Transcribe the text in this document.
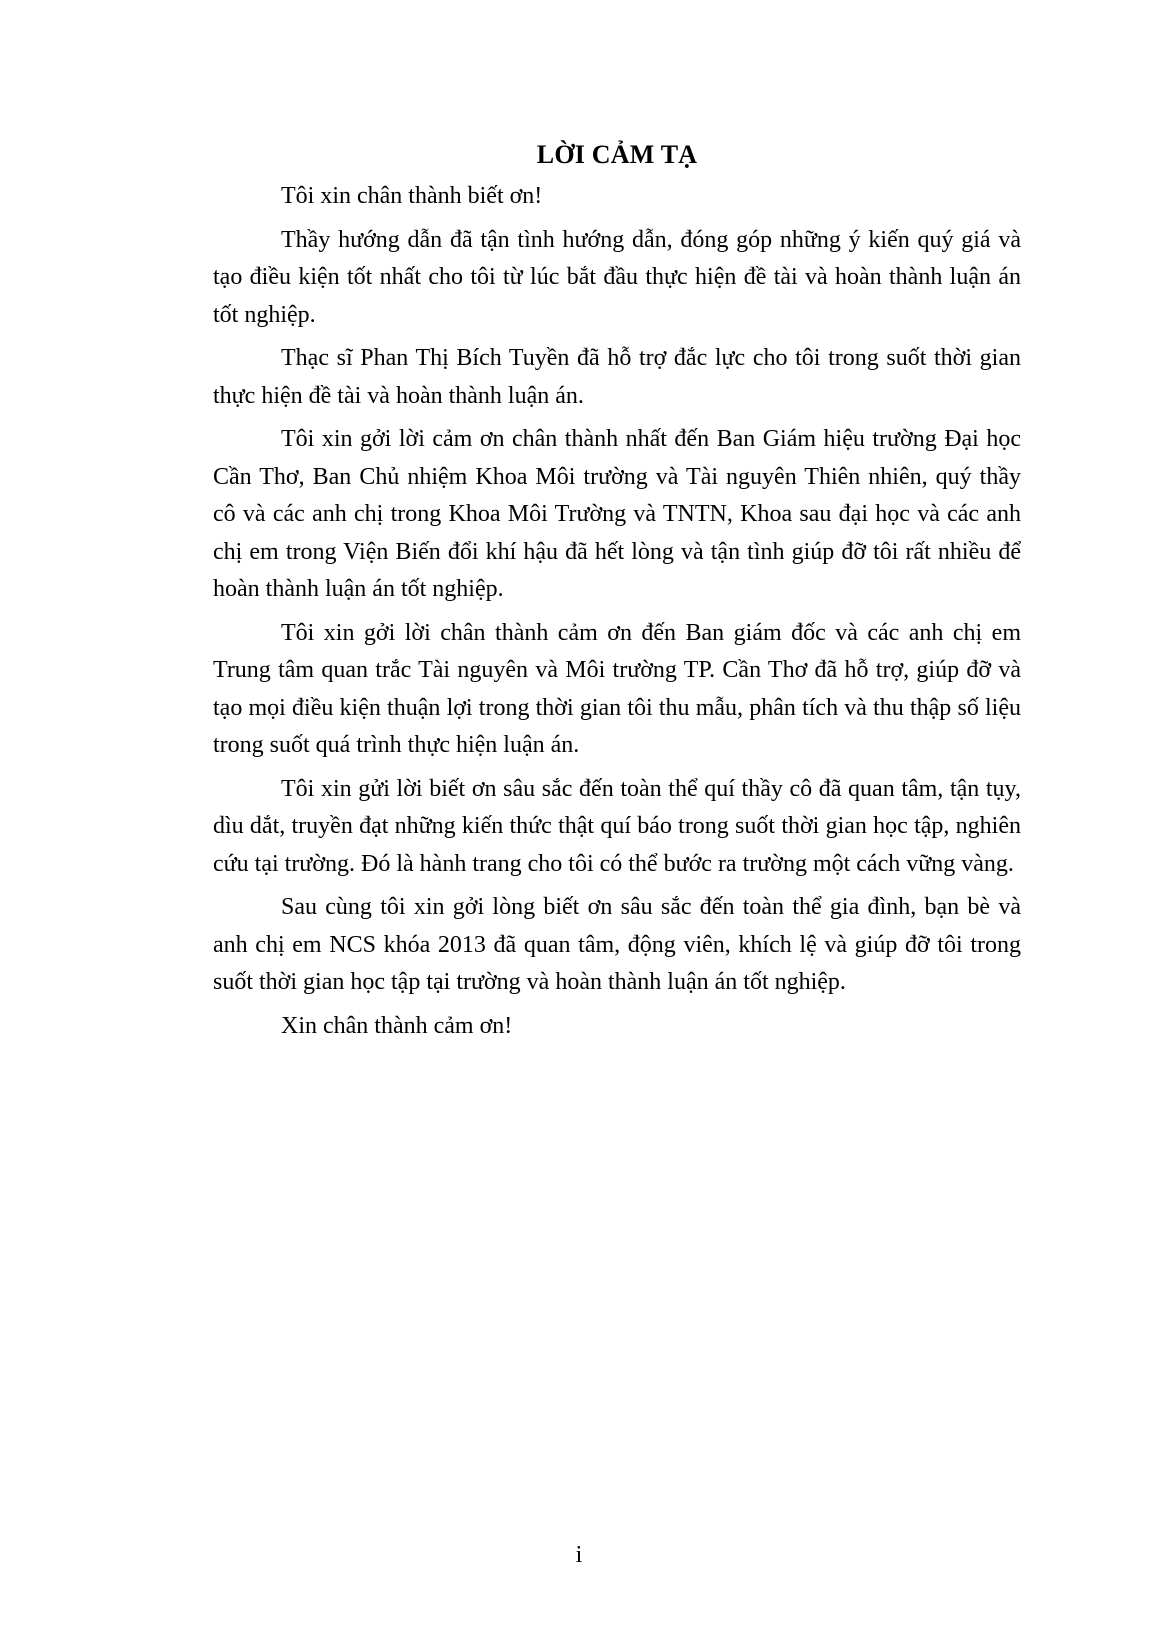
LỜI CẢM TẠ

Tôi xin chân thành biết ơn!

Thầy hướng dẫn đã tận tình hướng dẫn, đóng góp những ý kiến quý giá và tạo điều kiện tốt nhất cho tôi từ lúc bắt đầu thực hiện đề tài và hoàn thành luận án tốt nghiệp.

Thạc sĩ Phan Thị Bích Tuyền đã hỗ trợ đắc lực cho tôi trong suốt thời gian thực hiện đề tài và hoàn thành luận án.

Tôi xin gởi lời cảm ơn chân thành nhất đến Ban Giám hiệu trường Đại học Cần Thơ, Ban Chủ nhiệm Khoa Môi trường và Tài nguyên Thiên nhiên, quý thầy cô và các anh chị trong Khoa Môi Trường và TNTN, Khoa sau đại học và các anh chị em trong Viện Biến đổi khí hậu đã hết lòng và tận tình giúp đỡ tôi rất nhiều để hoàn thành luận án tốt nghiệp.

Tôi xin gởi lời chân thành cảm ơn đến Ban giám đốc và các anh chị em Trung tâm quan trắc Tài nguyên và Môi trường TP. Cần Thơ đã hỗ trợ, giúp đỡ và tạo mọi điều kiện thuận lợi trong thời gian tôi thu mẫu, phân tích và thu thập số liệu trong suốt quá trình thực hiện luận án.

Tôi xin gửi lời biết ơn sâu sắc đến toàn thể quí thầy cô đã quan tâm, tận tụy, dìu dắt, truyền đạt những kiến thức thật quí báo trong suốt thời gian học tập, nghiên cứu tại trường. Đó là hành trang cho tôi có thể bước ra trường một cách vững vàng.

Sau cùng tôi xin gởi lòng biết ơn sâu sắc đến toàn thể gia đình, bạn bè và anh chị em NCS khóa 2013 đã quan tâm, động viên, khích lệ và giúp đỡ tôi trong suốt thời gian học tập tại trường và hoàn thành luận án tốt nghiệp.

Xin chân thành cảm ơn!

i
